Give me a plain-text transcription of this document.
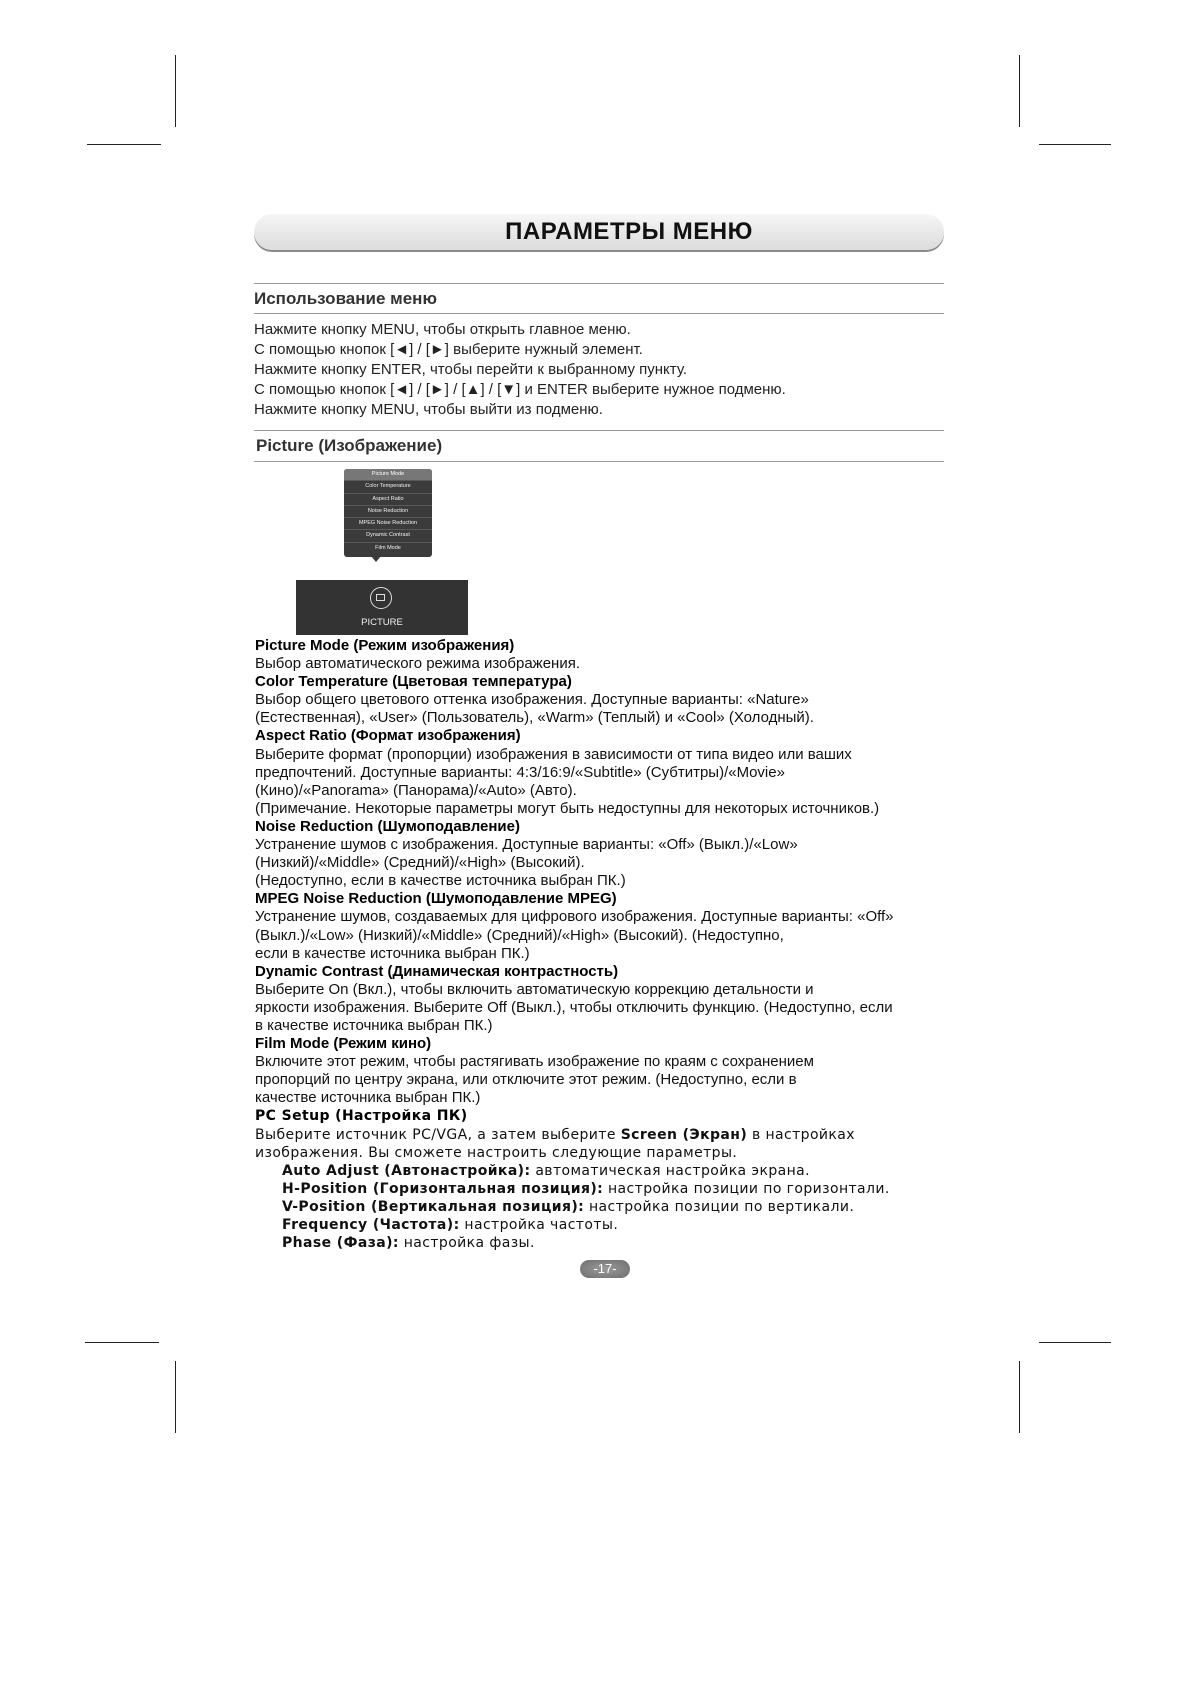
ПАРАМЕТРЫ МЕНЮ
Использование меню
Нажмите кнопку MENU, чтобы открыть главное меню.
С помощью кнопок [◄] / [►] выберите нужный элемент.
Нажмите кнопку ENTER, чтобы перейти к выбранному пункту.
С помощью кнопок [◄] / [►] / [▲] / [▼] и ENTER выберите нужное подменю.
Нажмите кнопку MENU, чтобы выйти из подменю.
Picture (Изображение)
Picture Mode
Color Temperature
Aspect Ratio
Noise Reduction
MPEG Noise Reduction
Dynamic Contrast
Film Mode
PICTURE
Picture Mode (Режим изображения)
Выбор автоматического режима изображения.
Color Temperature (Цветовая температура)
Выбор общего цветового оттенка изображения. Доступные варианты: «Nature»
(Естественная), «User» (Пользователь), «Warm» (Теплый) и «Cool» (Холодный).
Aspect Ratio (Формат изображения)
Выберите формат (пропорции) изображения в зависимости от типа видео или ваших
предпочтений. Доступные варианты: 4:3/16:9/«Subtitle» (Субтитры)/«Movie»
(Кино)/«Panorama» (Панорама)/«Auto» (Авто).
(Примечание. Некоторые параметры могут быть недоступны для некоторых источников.)
Noise Reduction (Шумоподавление)
Устранение шумов с изображения. Доступные варианты: «Off» (Выкл.)/«Low»
(Низкий)/«Middle» (Средний)/«High» (Высокий).
(Недоступно, если в качестве источника выбран ПК.)
MPEG Noise Reduction (Шумоподавление MPEG)
Устранение шумов, создаваемых для цифрового изображения. Доступные варианты: «Off»
(Выкл.)/«Low» (Низкий)/«Middle» (Средний)/«High» (Высокий). (Недоступно,
если в качестве источника выбран ПК.)
Dynamic Contrast (Динамическая контрастность)
Выберите On (Вкл.), чтобы включить автоматическую коррекцию детальности и
яркости изображения. Выберите Off (Выкл.), чтобы отключить функцию. (Недоступно, если
в качестве источника выбран ПК.)
Film Mode (Режим кино)
Включите этот режим, чтобы растягивать изображение по краям с сохранением
пропорций по центру экрана, или отключите этот режим. (Недоступно, если в
качестве источника выбран ПК.)
PC Setup (Настройка ПК)
Выберите источник PC/VGA, а затем выберите Screen (Экран) в настройках
изображения. Вы сможете настроить следующие параметры.
Auto Adjust (Автонастройка): автоматическая настройка экрана.
H-Position (Горизонтальная позиция): настройка позиции по горизонтали.
V-Position (Вертикальная позиция): настройка позиции по вертикали.
Frequency (Частота): настройка частоты.
Phase (Фаза): настройка фазы.
-17-
